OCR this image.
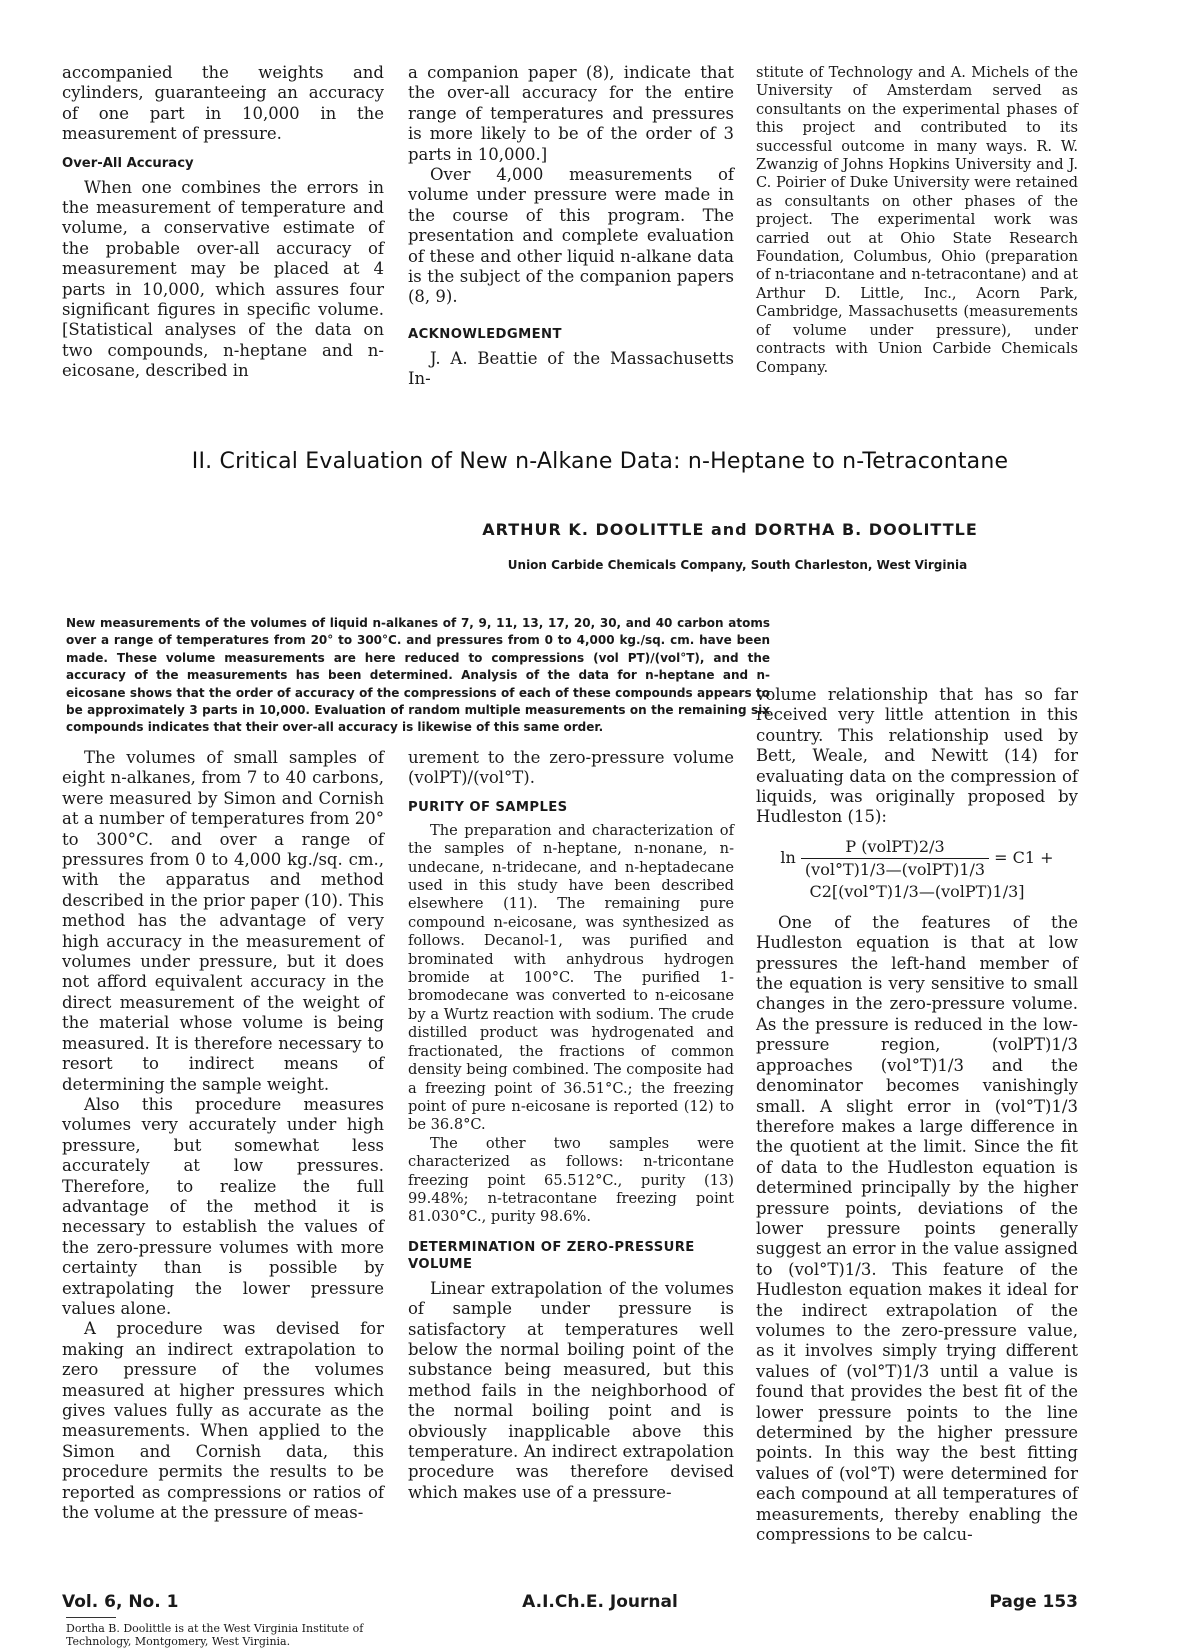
accompanied the weights and cylinders, guaranteeing an accuracy of one part in 10,000 in the measurement of pressure.

Over-All Accuracy

When one combines the errors in the measurement of temperature and volume, a conservative estimate of the probable over-all accuracy of measurement may be placed at 4 parts in 10,000, which assures four significant figures in specific volume. [Statistical analyses of the data on two compounds, n-heptane and n-eicosane, described in

a companion paper (8), indicate that the over-all accuracy for the entire range of temperatures and pressures is more likely to be of the order of 3 parts in 10,000.]

Over 4,000 measurements of volume under pressure were made in the course of this program. The presentation and complete evaluation of these and other liquid n-alkane data is the subject of the companion papers (8, 9).

ACKNOWLEDGMENT

J. A. Beattie of the Massachusetts In-

stitute of Technology and A. Michels of the University of Amsterdam served as consultants on the experimental phases of this project and contributed to its successful outcome in many ways. R. W. Zwanzig of Johns Hopkins University and J. C. Poirier of Duke University were retained as consultants on other phases of the project. The experimental work was carried out at Ohio State Research Foundation, Columbus, Ohio (preparation of n-triacontane and n-tetracontane) and at Arthur D. Little, Inc., Acorn Park, Cambridge, Massachusetts (measurements of volume under pressure), under contracts with Union Carbide Chemicals Company.

II. Critical Evaluation of New n-Alkane Data: n-Heptane to n-Tetracontane
ARTHUR K. DOOLITTLE and DORTHA B. DOOLITTLE
Union Carbide Chemicals Company, South Charleston, West Virginia
New measurements of the volumes of liquid n-alkanes of 7, 9, 11, 13, 17, 20, 30, and 40 carbon atoms over a range of temperatures from 20° to 300°C. and pressures from 0 to 4,000 kg./sq. cm. have been made. These volume measurements are here reduced to compressions (vol PT)/(vol°T), and the accuracy of the measurements has been determined. Analysis of the data for n-heptane and n-eicosane shows that the order of accuracy of the compressions of each of these compounds appears to be approximately 3 parts in 10,000. Evaluation of random multiple measurements on the remaining six compounds indicates that their over-all accuracy is likewise of this same order.

The volumes of small samples of eight n-alkanes, from 7 to 40 carbons, were measured by Simon and Cornish at a number of temperatures from 20° to 300°C. and over a range of pressures from 0 to 4,000 kg./sq. cm., with the apparatus and method described in the prior paper (10). This method has the advantage of very high accuracy in the measurement of volumes under pressure, but it does not afford equivalent accuracy in the direct measurement of the weight of the material whose volume is being measured. It is therefore necessary to resort to indirect means of determining the sample weight.

Also this procedure measures volumes very accurately under high pressure, but somewhat less accurately at low pressures. Therefore, to realize the full advantage of the method it is necessary to establish the values of the zero-pressure volumes with more certainty than is possible by extrapolating the lower pressure values alone.

A procedure was devised for making an indirect extrapolation to zero pressure of the volumes measured at higher pressures which gives values fully as accurate as the measurements. When applied to the Simon and Cornish data, this procedure permits the results to be reported as compressions or ratios of the volume at the pressure of meas-

urement to the zero-pressure volume (volPT)/(vol°T).

PURITY OF SAMPLES

The preparation and characterization of the samples of n-heptane, n-nonane, n-undecane, n-tridecane, and n-heptadecane used in this study have been described elsewhere (11). The remaining pure compound n-eicosane, was synthesized as follows. Decanol-1, was purified and brominated with anhydrous hydrogen bromide at 100°C. The purified 1-bromodecane was converted to n-eicosane by a Wurtz reaction with sodium. The crude distilled product was hydrogenated and fractionated, the fractions of common density being combined. The composite had a freezing point of 36.51°C.; the freezing point of pure n-eicosane is reported (12) to be 36.8°C.

The other two samples were characterized as follows: n-tricontane freezing point 65.512°C., purity (13) 99.48%; n-tetracontane freezing point 81.030°C., purity 98.6%.

DETERMINATION OF ZERO-PRESSURE VOLUME

Linear extrapolation of the volumes of sample under pressure is satisfactory at temperatures well below the normal boiling point of the substance being measured, but this method fails in the neighborhood of the normal boiling point and is obviously inapplicable above this temperature. An indirect extrapolation procedure was therefore devised which makes use of a pressure-

volume relationship that has so far received very little attention in this country. This relationship used by Bett, Weale, and Newitt (14) for evaluating data on the compression of liquids, was originally proposed by Hudleston (15):

$\ln \frac{\text{P (volPT)2/3}}{\text{(vol°T)1/3—(volPT)1/3}} = C1$ +
C2[(vol°T)1/3—(volPT)1/3]

One of the features of the Hudleston equation is that at low pressures the left-hand member of the equation is very sensitive to small changes in the zero-pressure volume. As the pressure is reduced in the low-pressure region, (volPT)1/3 approaches (vol°T)1/3 and the denominator becomes vanishingly small. A slight error in (vol°T)1/3 therefore makes a large difference in the quotient at the limit. Since the fit of data to the Hudleston equation is determined principally by the higher pressure points, deviations of the lower pressure points generally suggest an error in the value assigned to (vol°T)1/3. This feature of the Hudleston equation makes it ideal for the indirect extrapolation of the volumes to the zero-pressure value, as it involves simply trying different values of (vol°T)1/3 until a value is found that provides the best fit of the lower pressure points to the line determined by the higher pressure points. In this way the best fitting values of (vol°T) were determined for each compound at all temperatures of measurements, thereby enabling the compressions to be calcu-

Dortha B. Doolittle is at the West Virginia Institute of Technology, Montgomery, West Virginia.
Vol. 6, No. 1	A.I.Ch.E. Journal	Page 153
